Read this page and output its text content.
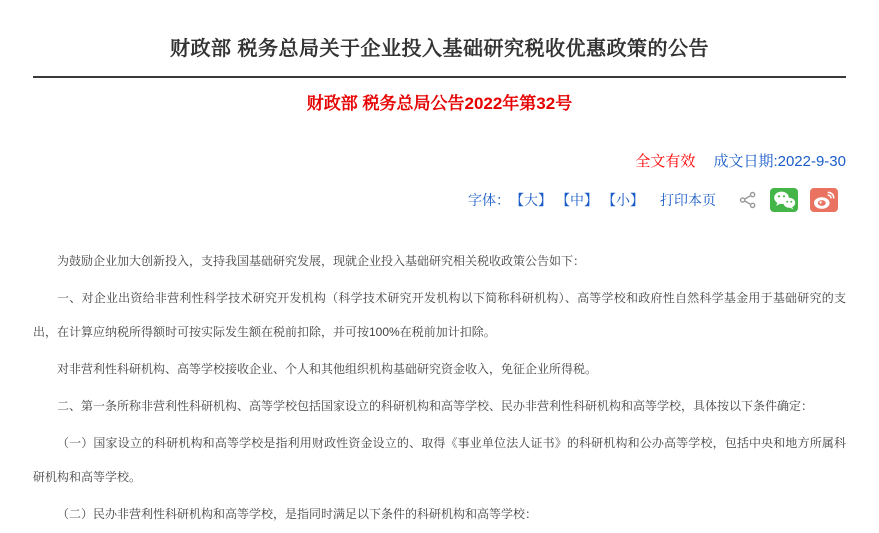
财政部 税务总局关于企业投入基础研究税收优惠政策的公告
财政部 税务总局公告2022年第32号
全文有效 成文日期:2022-9-30
字体： 【大】 【中】 【小】 打印本页

为鼓励企业加大创新投入，支持我国基础研究发展，现就企业投入基础研究相关税收政策公告如下：

一、对企业出资给非营利性科学技术研究开发机构（科学技术研究开发机构以下简称科研机构）、高等学校和政府性自然科学基金用于基础研究的支出，在计算应纳税所得额时可按实际发生额在税前扣除，并可按100%在税前加计扣除。

对非营利性科研机构、高等学校接收企业、个人和其他组织机构基础研究资金收入，免征企业所得税。

二、第一条所称非营利性科研机构、高等学校包括国家设立的科研机构和高等学校、民办非营利性科研机构和高等学校，具体按以下条件确定：

（一）国家设立的科研机构和高等学校是指利用财政性资金设立的、取得《事业单位法人证书》的科研机构和公办高等学校，包括中央和地方所属科研机构和高等学校。

（二）民办非营利性科研机构和高等学校，是指同时满足以下条件的科研机构和高等学校：
